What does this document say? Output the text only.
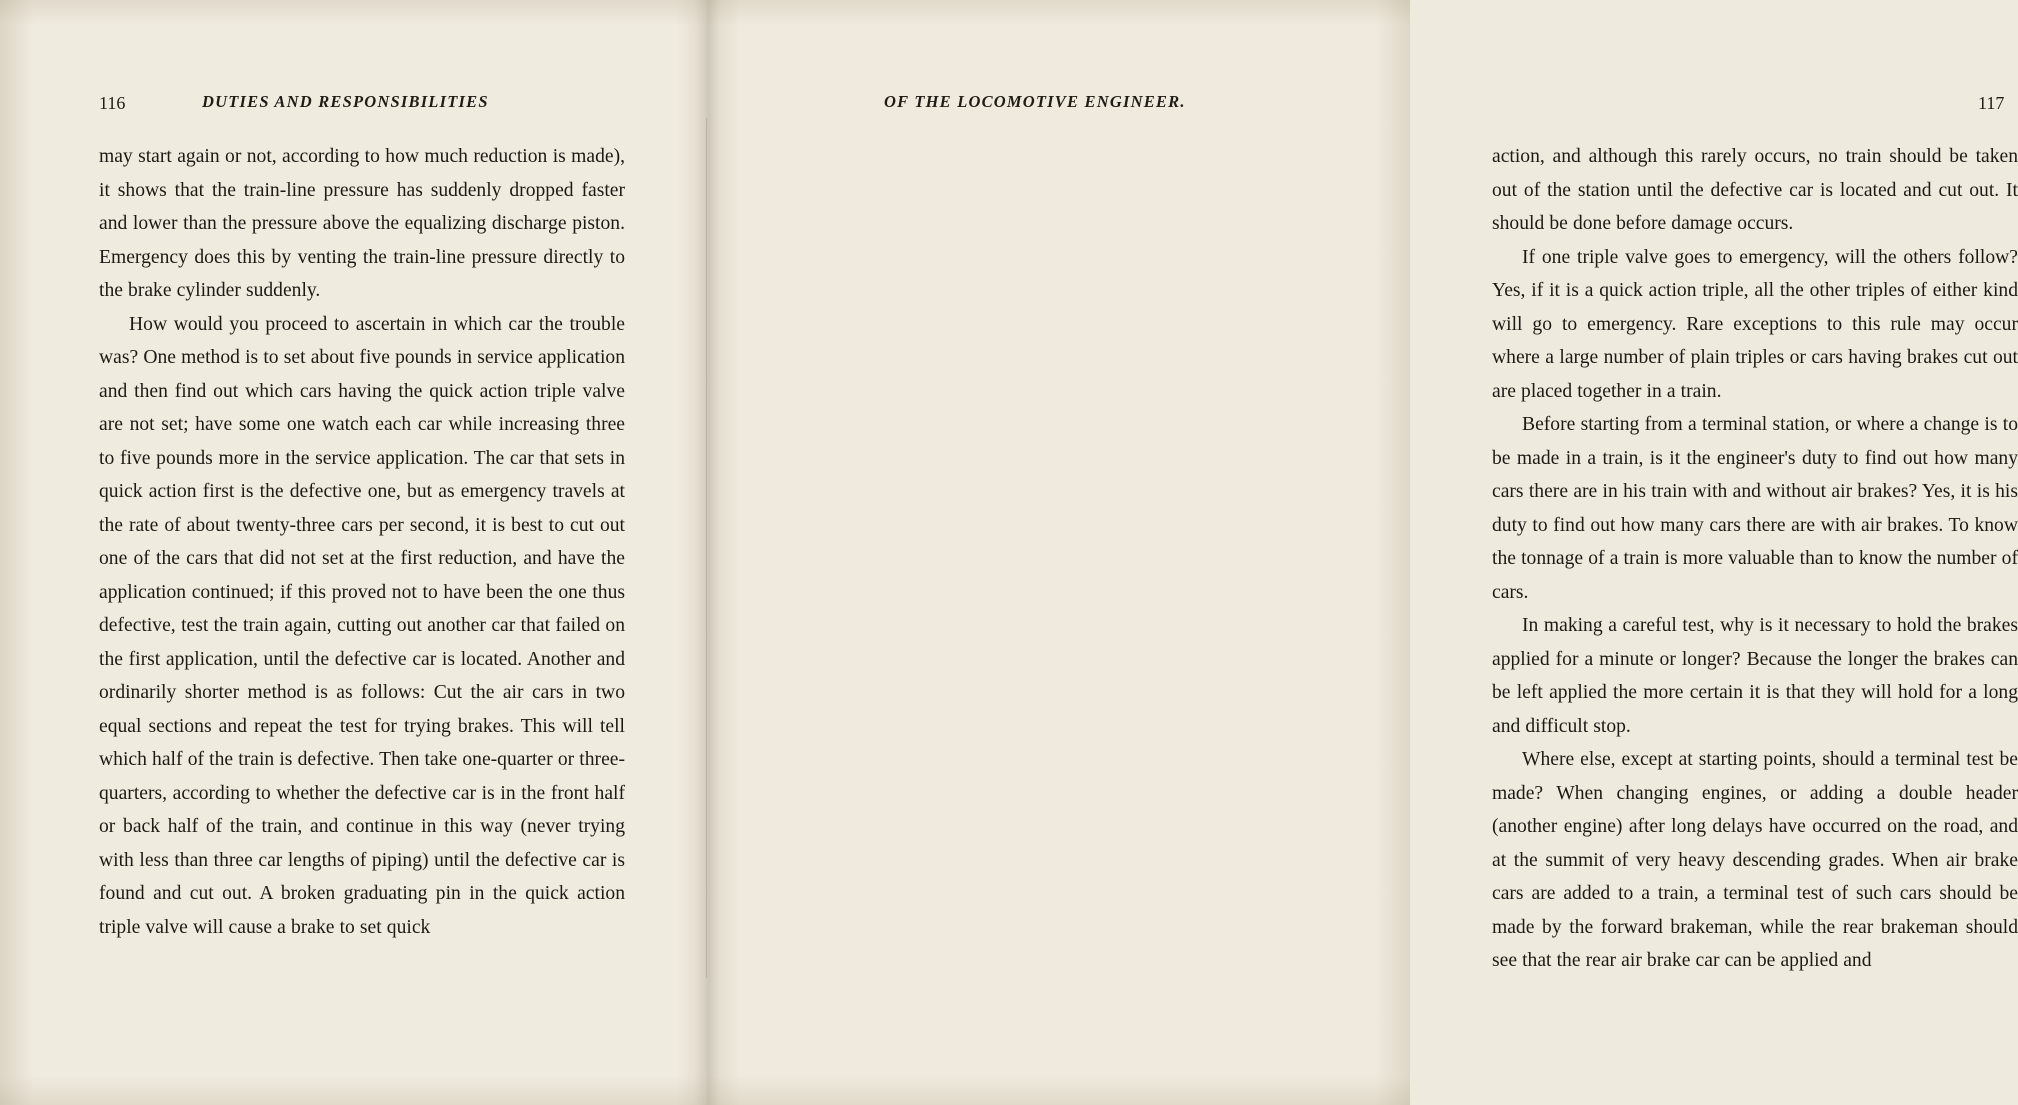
116	DUTIES AND RESPONSIBILITIES

may start again or not, according to how much reduction is made), it shows that the train-line pressure has suddenly dropped faster and lower than the pressure above the equalizing discharge piston. Emergency does this by venting the train-line pressure directly to the brake cylinder suddenly.

How would you proceed to ascertain in which car the trouble was? One method is to set about five pounds in service application and then find out which cars having the quick action triple valve are not set; have some one watch each car while increasing three to five pounds more in the service application. The car that sets in quick action first is the defective one, but as emergency travels at the rate of about twenty-three cars per second, it is best to cut out one of the cars that did not set at the first reduction, and have the application continued; if this proved not to have been the one thus defective, test the train again, cutting out another car that failed on the first application, until the defective car is located. Another and ordinarily shorter method is as follows: Cut the air cars in two equal sections and repeat the test for trying brakes. This will tell which half of the train is defective. Then take one-quarter or three-quarters, according to whether the defective car is in the front half or back half of the train, and continue in this way (never trying with less than three car lengths of piping) until the defective car is found and cut out. A broken graduating pin in the quick action triple valve will cause a brake to set quick

OF THE LOCOMOTIVE ENGINEER.	117

action, and although this rarely occurs, no train should be taken out of the station until the defective car is located and cut out. It should be done before damage occurs.

If one triple valve goes to emergency, will the others follow? Yes, if it is a quick action triple, all the other triples of either kind will go to emergency. Rare exceptions to this rule may occur where a large number of plain triples or cars having brakes cut out are placed together in a train.

Before starting from a terminal station, or where a change is to be made in a train, is it the engineer's duty to find out how many cars there are in his train with and without air brakes? Yes, it is his duty to find out how many cars there are with air brakes. To know the tonnage of a train is more valuable than to know the number of cars.

In making a careful test, why is it necessary to hold the brakes applied for a minute or longer? Because the longer the brakes can be left applied the more certain it is that they will hold for a long and difficult stop.

Where else, except at starting points, should a terminal test be made? When changing engines, or adding a double header (another engine) after long delays have occurred on the road, and at the summit of very heavy descending grades. When air brake cars are added to a train, a terminal test of such cars should be made by the forward brakeman, while the rear brakeman should see that the rear air brake car can be applied and
